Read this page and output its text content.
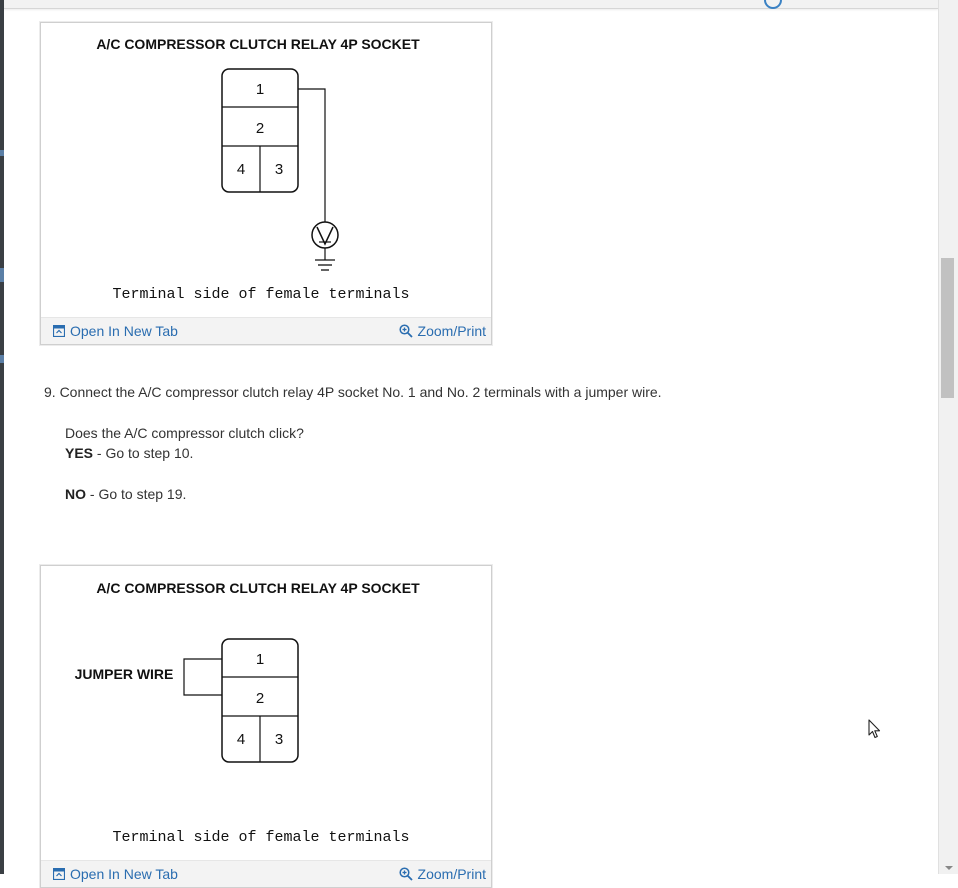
A/C COMPRESSOR CLUTCH RELAY 4P SOCKET
1
2
4 3
Terminal side of female terminals
Open In New Tab	Zoom/Print
9. Connect the A/C compressor clutch relay 4P socket No. 1 and No. 2 terminals with a jumper wire.
Does the A/C compressor clutch click?
YES - Go to step 10.
NO - Go to step 19.
A/C COMPRESSOR CLUTCH RELAY 4P SOCKET
JUMPER WIRE
1
2
4 3
Terminal side of female terminals
Open In New Tab	Zoom/Print
